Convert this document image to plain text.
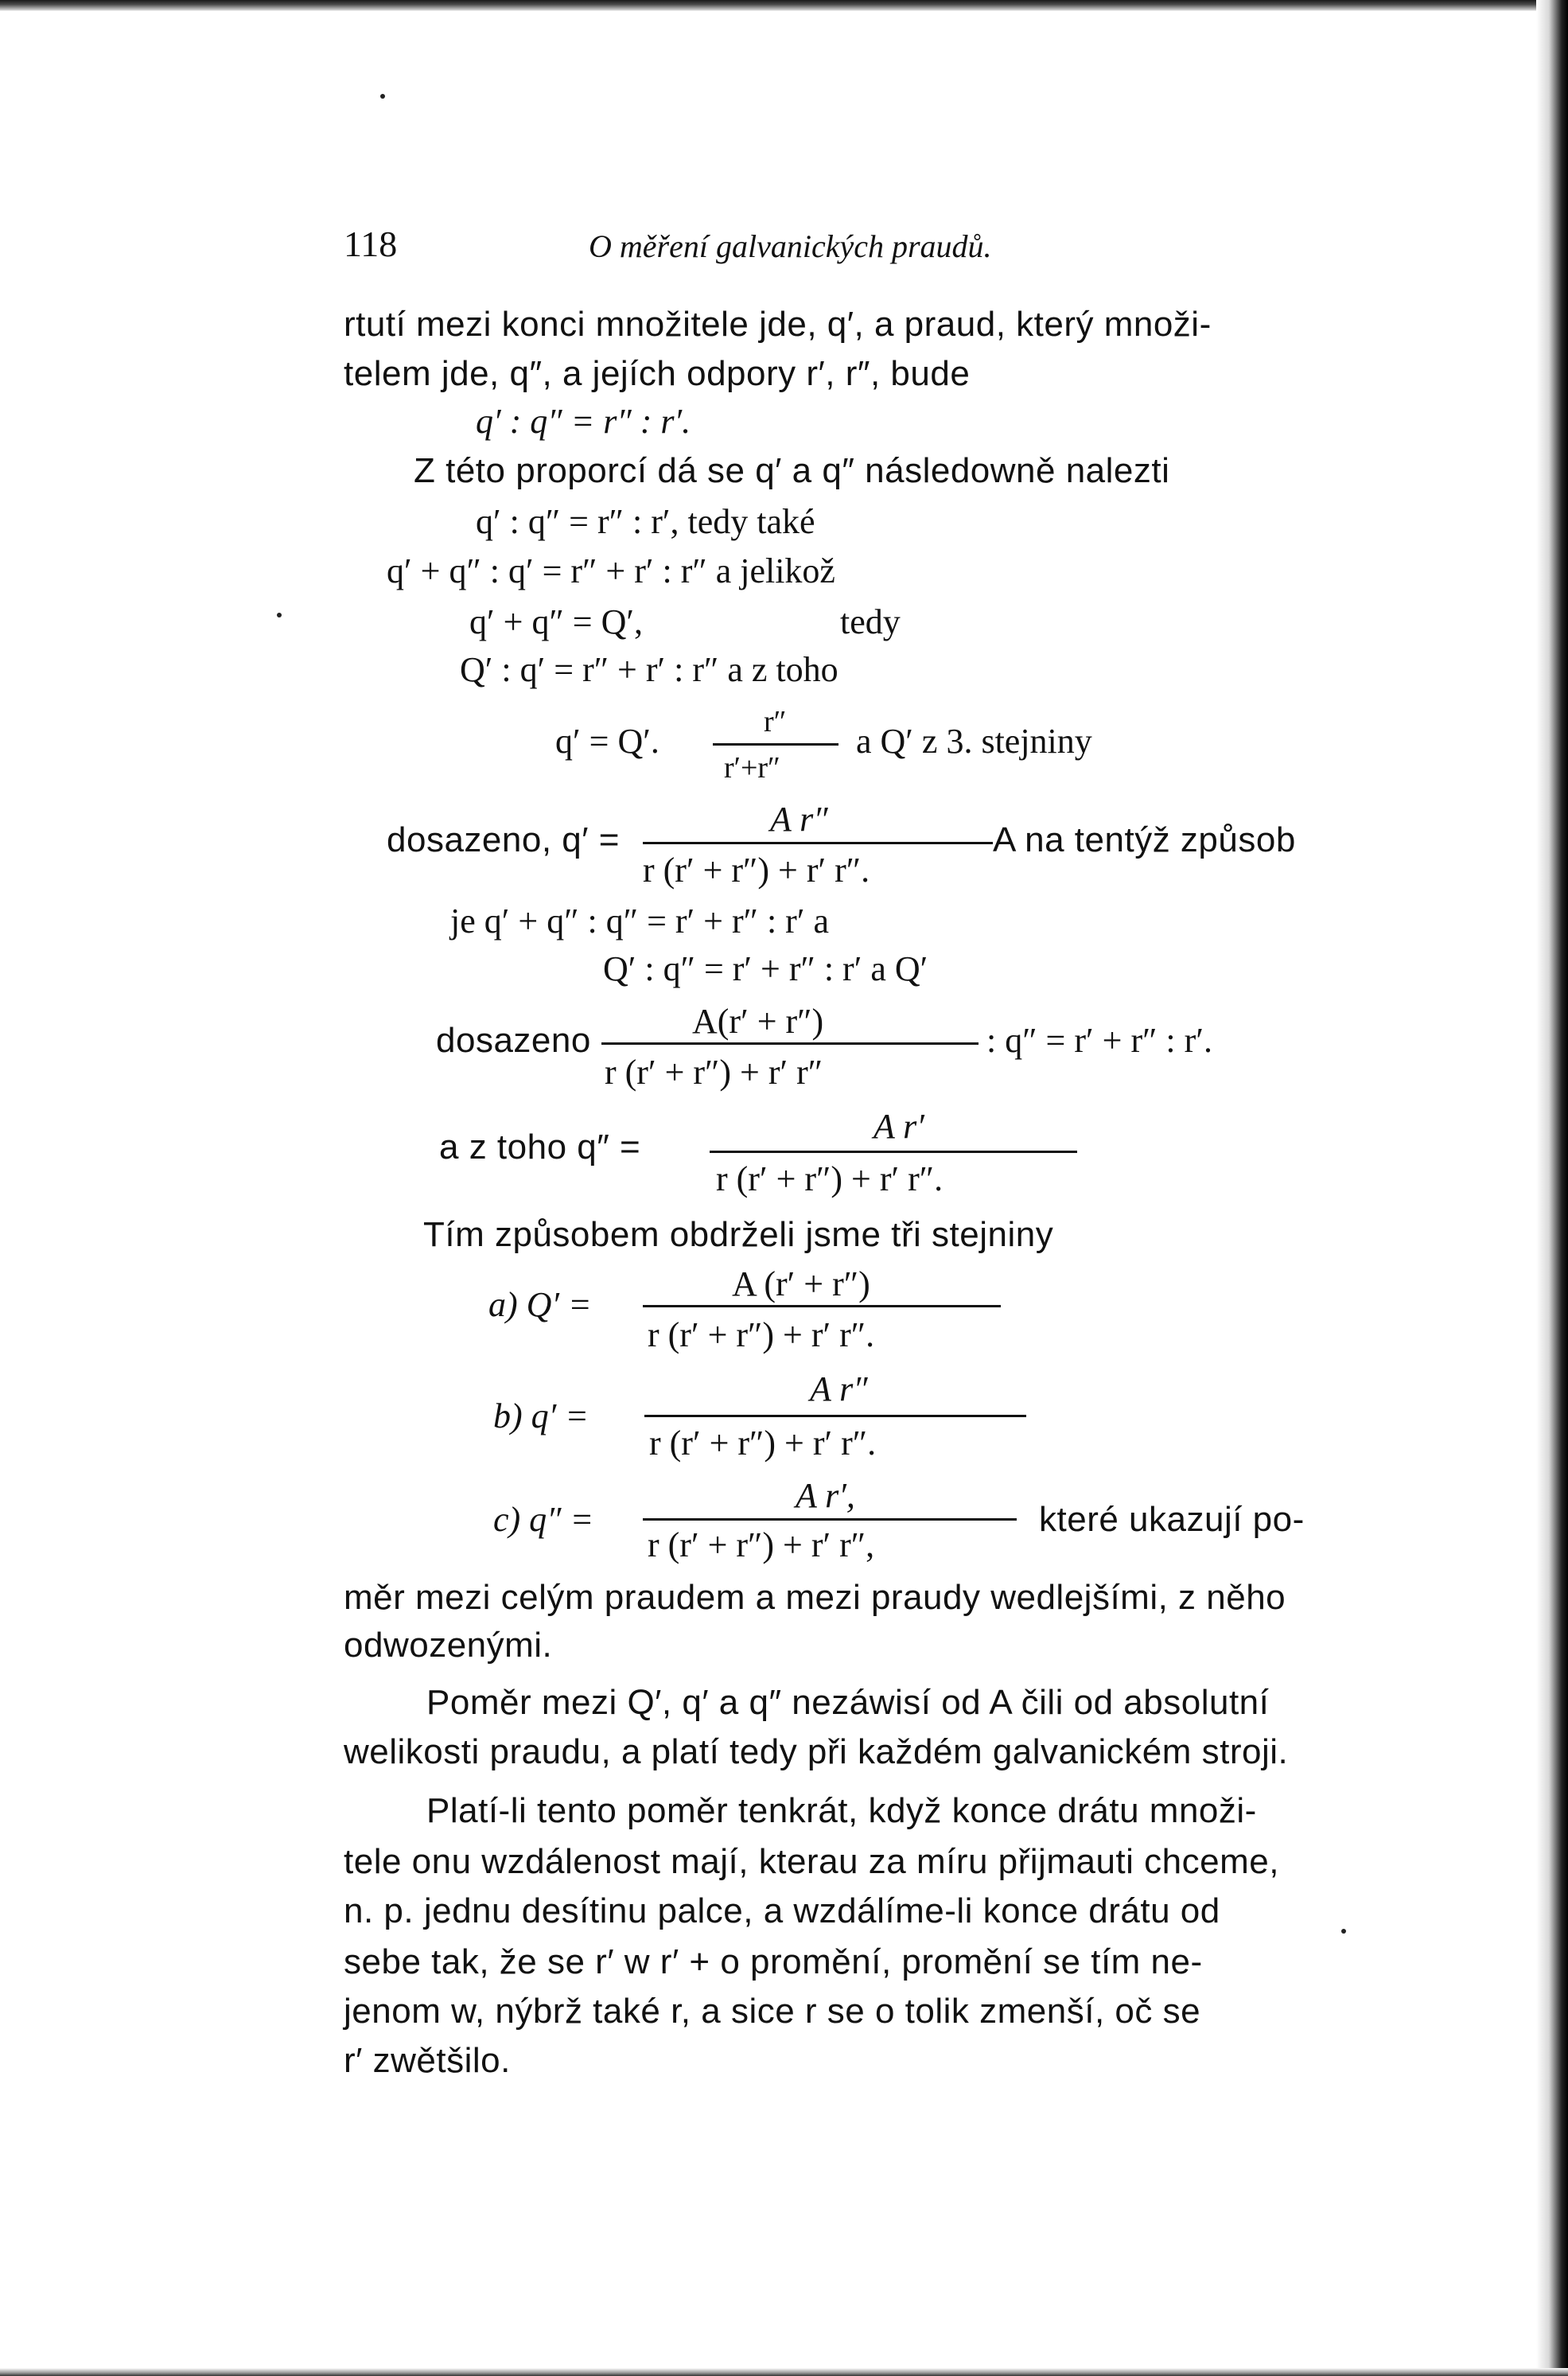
118	O měření galvanických praudů.
rtutí mezi konci množitele jde, q′, a praud, který množi-
telem jde, q″, a jejích odpory r′, r″, bude
q′ : q″ = r″ : r′.
Z této proporcí dá se q′ a q″ následowně nalezti
q′ : q″ = r″ : r′, tedy také
q′ + q″ : q′ = r″ + r′ : r″ a jelikož
q′ + q″ = Q′,	tedy
Q′ : q′ = r″ + r′ : r″ a z toho
q′ = Q′.	r″
r′+r″
a Q′ z 3. stejniny
dosazeno, q′ =
A r″
r (r′ + r″) + r′ r″.
A na tentýž způsob
je q′ + q″ : q″ = r′ + r″ : r′ a
Q′ : q″ = r′ + r″ : r′ a Q′
dosazeno	A(r′ + r″)
r (r′ + r″) + r′ r″
: q″ = r′ + r″ : r′.
a z toho q″ =
A r′
r (r′ + r″) + r′ r″.
Tím způsobem obdrželi jsme tři stejniny
a) Q′ =
A (r′ + r″)
r (r′ + r″) + r′ r″.
b) q′ =
A r″
r (r′ + r″) + r′ r″.
c) q″ =
A r′,
r (r′ + r″) + r′ r″,
které ukazují po-
měr mezi celým praudem a mezi praudy wedlejšími, z něho
odwozenými.
Poměr mezi Q′, q′ a q″ nezáwisí od A čili od absolutní
welikosti praudu, a platí tedy při každém galvanickém stroji.
Platí-li tento poměr tenkrát, když konce drátu množi-
tele onu wzdálenost mají, kterau za míru přijmauti chceme,
n. p. jednu desítinu palce, a wzdálíme-li konce drátu od
sebe tak, že se r′ w r′ + o promění, promění se tím ne-
jenom w, nýbrž také r, a sice r se o tolik zmenší, oč se
r′ zwětšilo.
